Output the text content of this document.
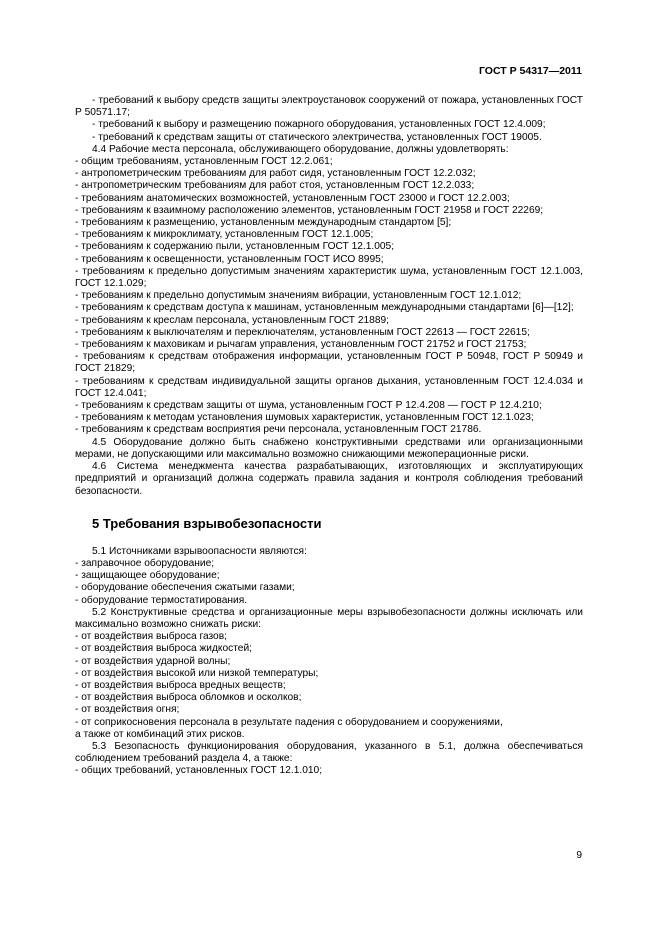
ГОСТ Р 54317—2011
- требований к выбору средств защиты электроустановок сооружений от пожара, установленных ГОСТ Р 50571.17;
- требований к выбору и размещению пожарного оборудования, установленных ГОСТ 12.4.009;
- требований к средствам защиты от статического электричества, установленных ГОСТ 19005.
4.4 Рабочие места персонала, обслуживающего оборудование, должны удовлетворять:
- общим требованиям, установленным ГОСТ 12.2.061;
- антропометрическим требованиям для работ сидя, установленным ГОСТ 12.2.032;
- антропометрическим требованиям для работ стоя, установленным ГОСТ 12.2.033;
- требованиям анатомических возможностей, установленным ГОСТ 23000 и ГОСТ 12.2.003;
- требованиям к взаимному расположению элементов, установленным ГОСТ 21958 и ГОСТ 22269;
- требованиям к размещению, установленным международным стандартом [5];
- требованиям к микроклимату, установленным ГОСТ 12.1.005;
- требованиям к содержанию пыли, установленным ГОСТ 12.1.005;
- требованиям к освещенности, установленным ГОСТ ИСО 8995;
- требованиям к предельно допустимым значениям характеристик шума, установленным ГОСТ 12.1.003, ГОСТ 12.1.029;
- требованиям к предельно допустимым значениям вибрации, установленным ГОСТ 12.1.012;
- требованиям к средствам доступа к машинам, установленным международными стандартами [6]—[12];
- требованиям к креслам персонала, установленным ГОСТ 21889;
- требованиям к выключателям и переключателям, установленным ГОСТ 22613 — ГОСТ 22615;
- требованиям к маховикам и рычагам управления, установленным ГОСТ 21752 и ГОСТ 21753;
- требованиям к средствам отображения информации, установленным ГОСТ Р 50948, ГОСТ Р 50949 и ГОСТ 21829;
- требованиям к средствам индивидуальной защиты органов дыхания, установленным ГОСТ 12.4.034 и ГОСТ 12.4.041;
- требованиям к средствам защиты от шума, установленным ГОСТ Р 12.4.208 — ГОСТ Р 12.4.210;
- требованиям к методам установления шумовых характеристик, установленным ГОСТ 12.1.023;
- требованиям к средствам восприятия речи персонала, установленным ГОСТ 21786.
4.5 Оборудование должно быть снабжено конструктивными средствами или организационными мерами, не допускающими или максимально возможно снижающими межоперационные риски.
4.6 Система менеджмента качества разрабатывающих, изготовляющих и эксплуатирующих предприятий и организаций должна содержать правила задания и контроля соблюдения требований безопасности.
5 Требования взрывобезопасности
5.1 Источниками взрывоопасности являются:
- заправочное оборудование;
- защищающее оборудование;
- оборудование обеспечения сжатыми газами;
- оборудование термостатирования.
5.2 Конструктивные средства и организационные меры взрывобезопасности должны исключать или максимально возможно снижать риски:
- от воздействия выброса газов;
- от воздействия выброса жидкостей;
- от воздействия ударной волны;
- от воздействия высокой или низкой температуры;
- от воздействия выброса вредных веществ;
- от воздействия выброса обломков и осколков;
- от воздействия огня;
- от соприкосновения персонала в результате падения с оборудованием и сооружениями,
а также от комбинаций этих рисков.
5.3 Безопасность функционирования оборудования, указанного в 5.1, должна обеспечиваться соблюдением требований раздела 4, а также:
- общих требований, установленных ГОСТ 12.1.010;
9
